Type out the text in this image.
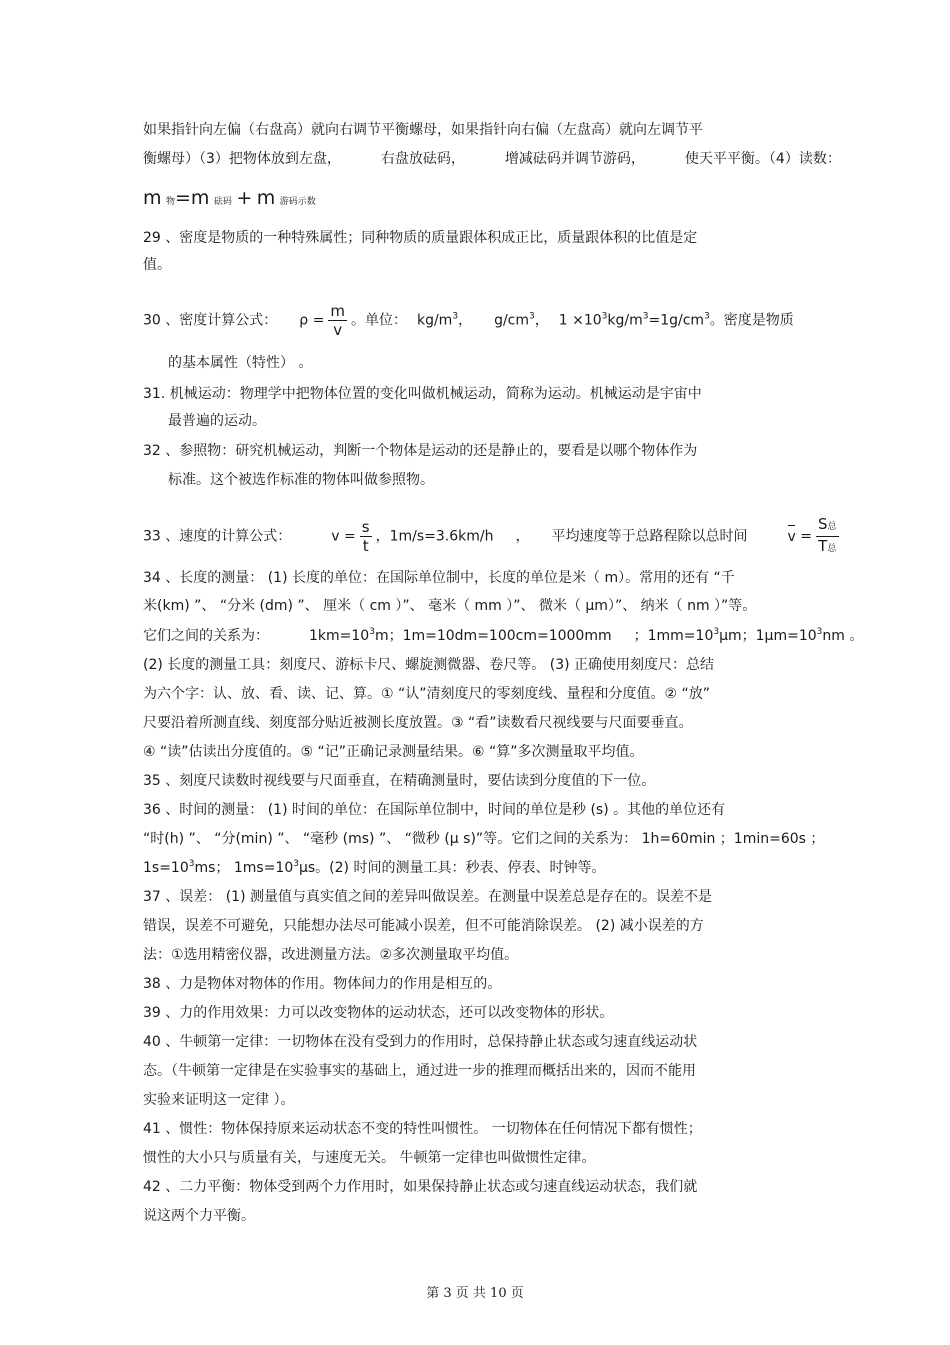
如果指针向左偏（右盘高）就向右调节平衡螺母，如果指针向右偏（左盘高）就向左调节平
衡螺母）（3）把物体放到左盘，	右盘放砝码，	增减砝码并调节游码，	使天平平衡。（4）读数：
m 物=m 砝码 + m 游码示数
29 、密度是物质的一种特殊属性；同种物质的质量跟体积成正比，质量跟体积的比值是定
值。
30 、密度计算公式： $\rho = \frac{m}{v}$ 。单位： $kg/m^3$， $g/cm^3$， $1 \times 10^3kg/m^3=1g/cm^3$。密度是物质
的基本属性（特性） 。
31. 机械运动：物理学中把物体位置的变化叫做机械运动，简称为运动。机械运动是宇宙中
最普遍的运动。
32 、参照物：研究机械运动，判断一个物体是运动的还是静止的，要看是以哪个物体作为
标准。这个被选作标准的物体叫做参照物。
33 、速度的计算公式：	$v = \frac{s}{t}$ ，1m/s=3.6km/h ， 平均速度等于总路程除以总时间	$v = \frac{\text{S总}}{\text{T总}}$
34 、长度的测量： (1) 长度的单位：在国际单位制中，长度的单位是米（ m）。常用的还有 “千
米(km) ”、 “分米 (dm) ”、 厘米（ cm ）”、 毫米（ mm ）”、 微米（ μm）”、 纳米（ nm ）”等。
它们之间的关系为：	$1km=10^3m$；1m=10dm=100cm=1000mm ；$1mm=10^3\mu m$；$1\mu m=10^3nm$ 。
(2) 长度的测量工具：刻度尺、游标卡尺、螺旋测微器、卷尺等。 (3) 正确使用刻度尺：总结
为六个字：认、放、看、读、记、算。① “认”清刻度尺的零刻度线、量程和分度值。② “放”
尺要沿着所测直线、刻度部分贴近被测长度放置。③ “看”读数看尺视线要与尺面要垂直。
④ “读”估读出分度值的。⑤ “记”正确记录测量结果。⑥ “算”多次测量取平均值。
35 、刻度尺读数时视线要与尺面垂直，在精确测量时，要估读到分度值的下一位。
36 、时间的测量： (1) 时间的单位：在国际单位制中，时间的单位是秒 (s) 。其他的单位还有
“时(h) ”、 “分(min) ”、 “毫秒 (ms) ”、 “微秒 (μ s)”等。它们之间的关系为： 1h=60min ；1min=60s ；
$1s=10^3ms$； $1ms=10^3\mu s$。(2) 时间的测量工具：秒表、停表、时钟等。
37 、误差： (1) 测量值与真实值之间的差异叫做误差。在测量中误差总是存在的。误差不是
错误，误差不可避免，只能想办法尽可能减小误差，但不可能消除误差。 (2) 减小误差的方
法：①选用精密仪器，改进测量方法。②多次测量取平均值。
38 、力是物体对物体的作用。物体间力的作用是相互的。
39 、力的作用效果：力可以改变物体的运动状态，还可以改变物体的形状。
40 、牛顿第一定律：一切物体在没有受到力的作用时，总保持静止状态或匀速直线运动状
态。（牛顿第一定律是在实验事实的基础上，通过进一步的推理而概括出来的，因而不能用
实验来证明这一定律 ）。
41 、惯性：物体保持原来运动状态不变的特性叫惯性。 一切物体在任何情况下都有惯性；
惯性的大小只与质量有关，与速度无关。 牛顿第一定律也叫做惯性定律。
42 、二力平衡：物体受到两个力作用时，如果保持静止状态或匀速直线运动状态，我们就
说这两个力平衡。
第 3 页 共 10 页
